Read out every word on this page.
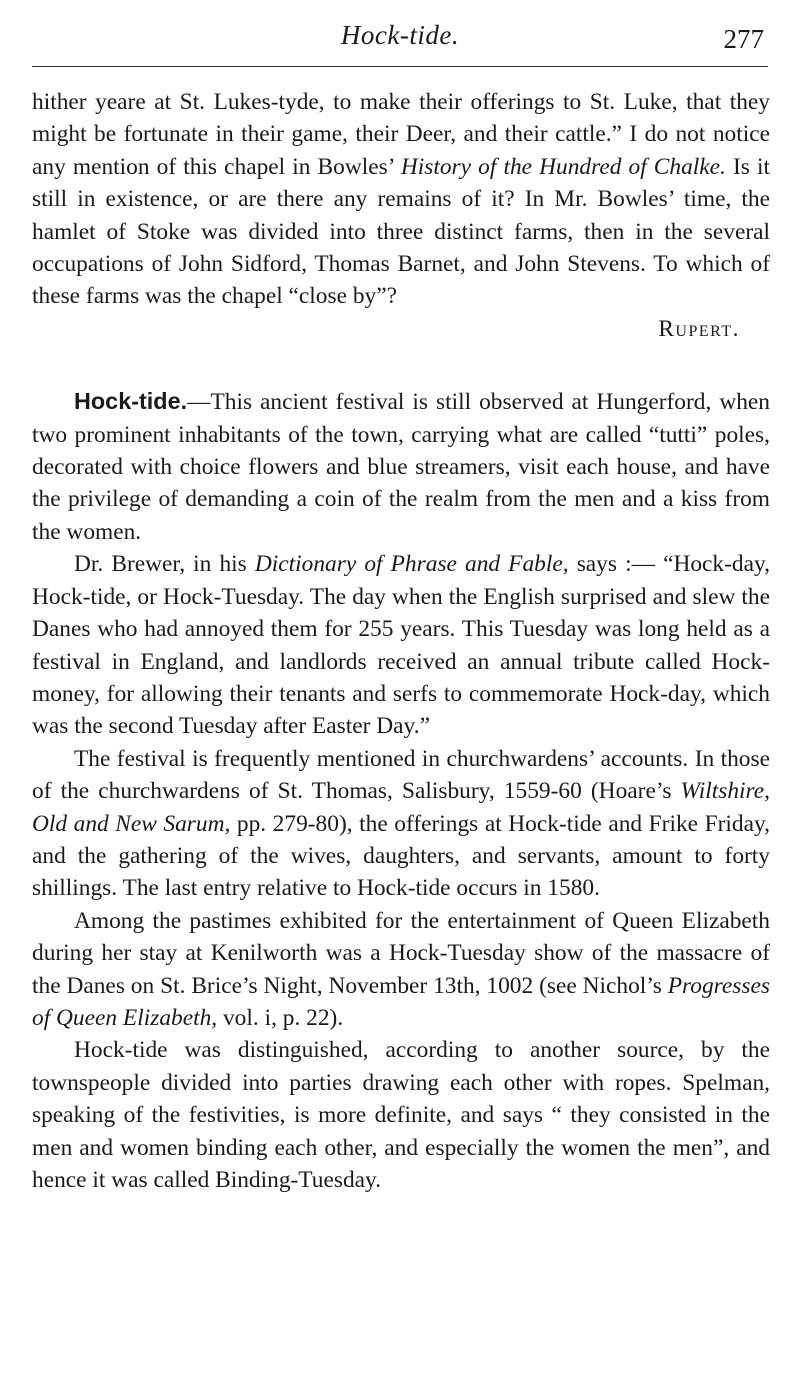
Hock-tide.	277

hither yeare at St. Lukes-tyde, to make their offerings to St. Luke, that they might be fortunate in their game, their Deer, and their cattle.” I do not notice any mention of this chapel in Bowles’ History of the Hundred of Chalke. Is it still in existence, or are there any remains of it? In Mr. Bowles’ time, the hamlet of Stoke was divided into three distinct farms, then in the several occupations of John Sidford, Thomas Barnet, and John Stevens. To which of these farms was the chapel “close by”?

Rupert.

Hock-tide.—This ancient festival is still observed at Hungerford, when two prominent inhabitants of the town, carrying what are called “tutti” poles, decorated with choice flowers and blue streamers, visit each house, and have the privilege of demanding a coin of the realm from the men and a kiss from the women.

Dr. Brewer, in his Dictionary of Phrase and Fable, says :— “Hock-day, Hock-tide, or Hock-Tuesday. The day when the English surprised and slew the Danes who had annoyed them for 255 years. This Tuesday was long held as a festival in England, and landlords received an annual tribute called Hock-money, for allowing their tenants and serfs to commemorate Hock-day, which was the second Tuesday after Easter Day.”

The festival is frequently mentioned in churchwardens’ accounts. In those of the churchwardens of St. Thomas, Salisbury, 1559-60 (Hoare’s Wiltshire, Old and New Sarum, pp. 279-80), the offerings at Hock-tide and Frike Friday, and the gathering of the wives, daughters, and servants, amount to forty shillings. The last entry relative to Hock-tide occurs in 1580.

Among the pastimes exhibited for the entertainment of Queen Elizabeth during her stay at Kenilworth was a Hock-Tuesday show of the massacre of the Danes on St. Brice’s Night, November 13th, 1002 (see Nichol’s Progresses of Queen Elizabeth, vol. i, p. 22).

Hock-tide was distinguished, according to another source, by the townspeople divided into parties drawing each other with ropes. Spelman, speaking of the festivities, is more definite, and says “ they consisted in the men and women binding each other, and especially the women the men”, and hence it was called Binding-Tuesday.
